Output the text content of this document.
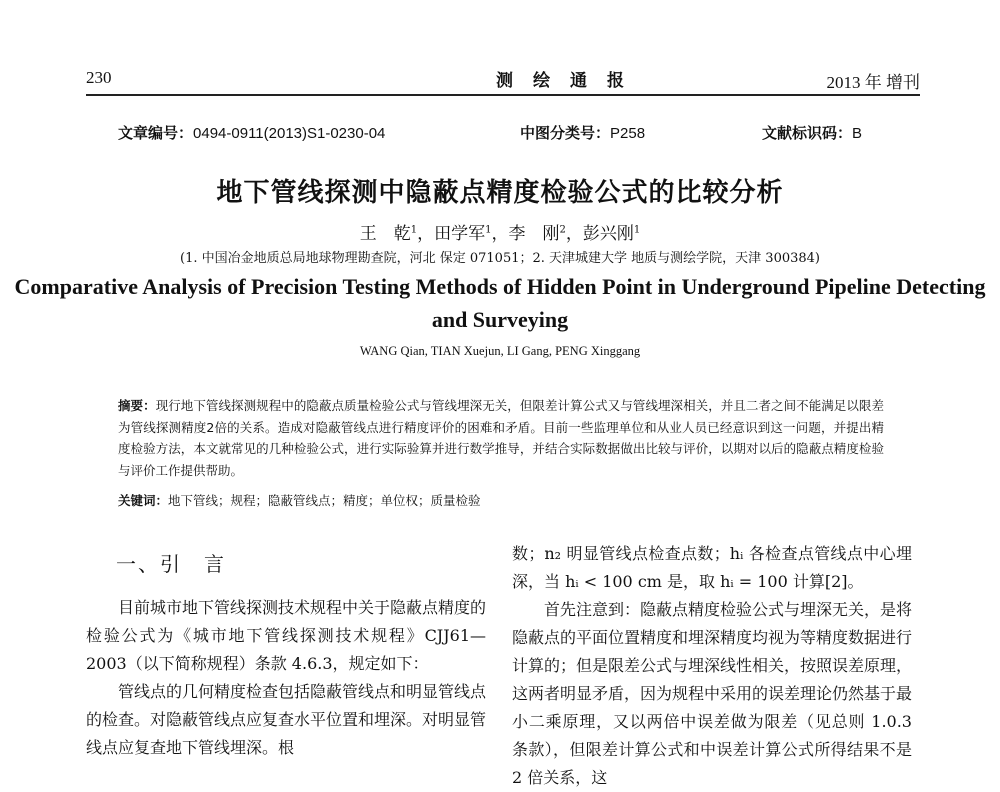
230	测绘通报	2013 年 增刊
文章编号：0494-0911(2013)S1-0230-04	中图分类号：P258	文献标识码：B
地下管线探测中隐蔽点精度检验公式的比较分析
王　乾$^1$，田学军$^1$，李　刚$^2$，彭兴刚$^1$
(1. 中国冶金地质总局地球物理勘查院，河北 保定 071051；2. 天津城建大学 地质与测绘学院，天津 300384)
Comparative Analysis of Precision Testing Methods of Hidden Point in Underground Pipeline Detecting and Surveying
WANG Qian, TIAN Xuejun, LI Gang, PENG Xinggang
摘要：现行地下管线探测规程中的隐蔽点质量检验公式与管线埋深无关，但限差计算公式又与管线埋深相关，并且二者之间不能满足以限差为管线探测精度2倍的关系。造成对隐蔽管线点进行精度评价的困难和矛盾。目前一些监理单位和从业人员已经意识到这一问题，并提出精度检验方法，本文就常见的几种检验公式，进行实际验算并进行数学推导，并结合实际数据做出比较与评价，以期对以后的隐蔽点精度检验与评价工作提供帮助。
关键词：地下管线；规程；隐蔽管线点；精度；单位权；质量检验
一、引　言

目前城市地下管线探测技术规程中关于隐蔽点精度的检验公式为《城市地下管线探测技术规程》CJJ61—2003（以下简称规程）条款 4.6.3，规定如下：

管线点的几何精度检查包括隐蔽管线点和明显管线点的检查。对隐蔽管线点应复查水平位置和埋深。对明显管线点应复查地下管线埋深。根

数；n₂ 明显管线点检查点数；hᵢ 各检查点管线点中心埋深，当 hᵢ < 100 cm 是，取 hᵢ = 100 计算[2]。

首先注意到：隐蔽点精度检验公式与埋深无关，是将隐蔽点的平面位置精度和埋深精度均视为等精度数据进行计算的；但是限差公式与埋深线性相关，按照误差原理，这两者明显矛盾，因为规程中采用的误差理论仍然基于最小二乘原理，又以两倍中误差做为限差（见总则 1.0.3 条款），但限差计算公式和中误差计算公式所得结果不是 2 倍关系，这
